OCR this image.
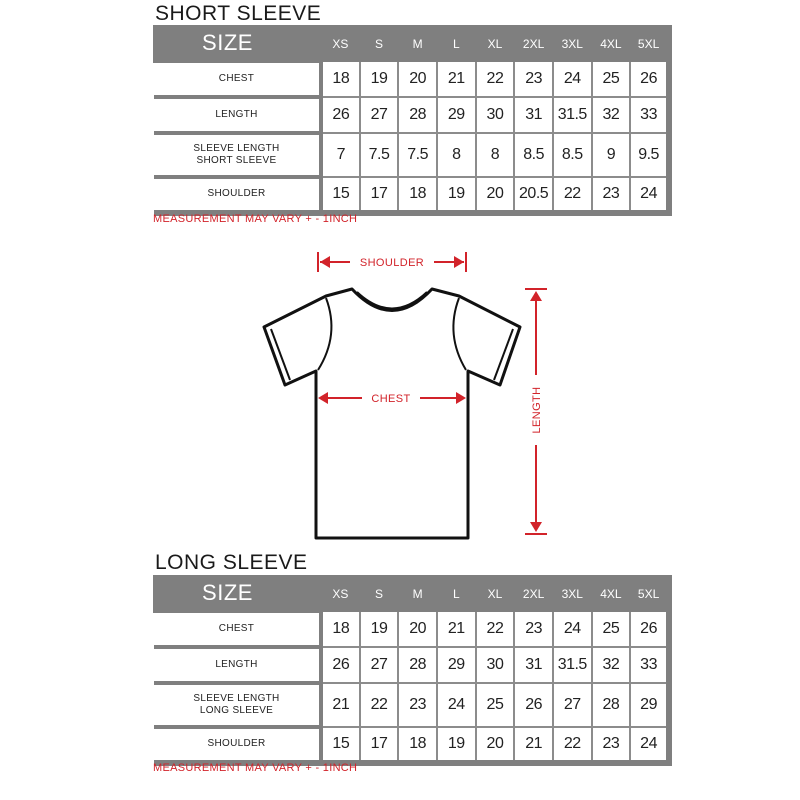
SHORT SLEEVE
SIZE	XS	S	M	L	XL	2XL	3XL	4XL	5XL

CHEST	18	19	20	21	22	23	24	25	26

LENGTH	26	27	28	29	30	31	31.5	32	33

SLEEVE LENGTH
SHORT SLEEVE	7	7.5	7.5	8	8	8.5	8.5	9	9.5

SHOULDER	15	17	18	19	20	20.5	22	23	24
MEASUREMENT MAY VARY + - 1INCH
SHOULDER
CHEST	LENGTH
LONG SLEEVE
SIZE	XS	S	M	L	XL	2XL	3XL	4XL	5XL

CHEST	18	19	20	21	22	23	24	25	26

LENGTH	26	27	28	29	30	31	31.5	32	33

SLEEVE LENGTH
LONG SLEEVE	21	22	23	24	25	26	27	28	29

SHOULDER	15	17	18	19	20	21	22	23	24
MEASUREMENT MAY VARY + - 1INCH
